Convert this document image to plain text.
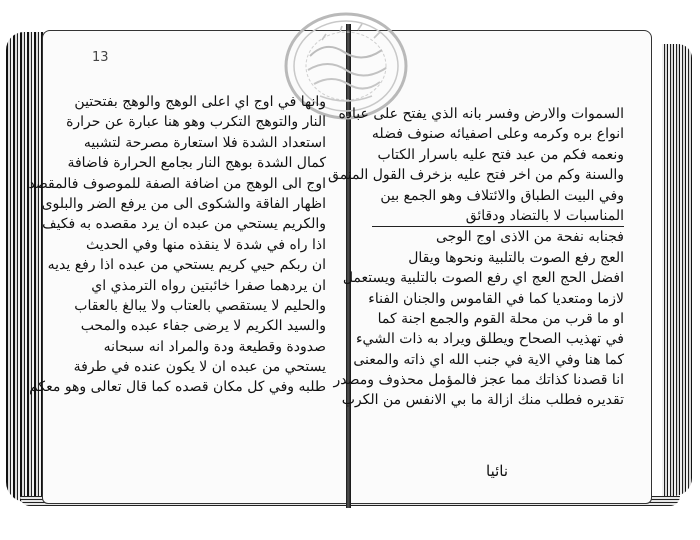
13
وانها في اوج اي اعلى الوهج والوهج بفتحتين
النار والتوهج التكرب وهو هنا عبارة عن حرارة
استعداد الشدة فلا استعارة مصرحة لتشبيه
كمال الشدة بوهج النار بجامع الحرارة فاضافة
اوج الى الوهج من اضافة الصفة للموصوف فالمقصد
اظهار الفاقة والشكوى الى من يرفع الضر والبلوى
والكريم يستحي من عبده ان يرد مقصده به فكيف
اذا راه في شدة لا ينقذه منها وفي الحديث
ان ربكم حيي كريم يستحي من عبده اذا رفع يديه
ان يردهما صفرا خائبتين رواه الترمذي اي
والحليم لا يستقصي بالعتاب ولا يبالغ بالعقاب
والسيد الكريم لا يرضى جفاء عبده والمحب
صدودة وقطيعة ودة والمراد انه سبحانه
يستحي من عبده ان لا يكون عنده في طرفة
طلبه وفي كل مكان قصده كما قال تعالى وهو معكم
السموات والارض وفسر بانه الذي يفتح على عباده
انواع بره وكرمه وعلى اصفيائه صنوف فضله
ونعمه فكم من عبد فتح عليه باسرار الكتاب
والسنة وكم من اخر فتح عليه بزخرف القول المنمق
وفي البيت الطباق والائتلاف وهو الجمع بين
المناسبات لا بالتضاد ودقائق
فجنابه نفحة من الاذى اوج الوجى
العج رفع الصوت بالتلبية ونحوها ويقال
افضل الحج العج اي رفع الصوت بالتلبية ويستعمل
لازما ومتعديا كما في القاموس والجنان الفناء
او ما قرب من محلة القوم والجمع اجنة كما
في تهذيب الصحاح ويطلق ويراد به ذات الشيء
كما هنا وفي الاية في جنب الله اي ذاته والمعنى
انا قصدنا كذاتك مما عجز فالمؤمل محذوف ومصدر
تقديره فطلب منك ازالة ما بي الانفس من الكرب
نائيا
